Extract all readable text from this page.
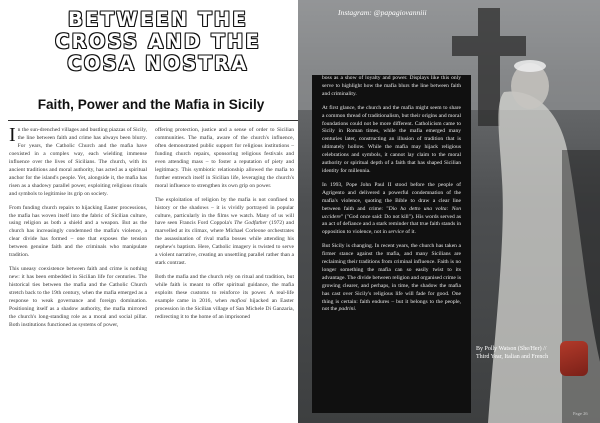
BETWEEN THE
CROSS AND THE
COSA NOSTRA
Faith, Power and the Mafia in Sicily

In the sun-drenched villages and bustling piazzas of Sicily, the line between faith and crime has always been blurry. For years, the Catholic Church and the mafia have coexisted in a complex way, each wielding immense influence over the lives of Sicilians. The church, with its ancient traditions and moral authority, has acted as a spiritual anchor for the island's people. Yet, alongside it, the mafia has risen as a shadowy parallel power, exploiting religious rituals and symbols to legitimise its grip on society.

From funding church repairs to hijacking Easter processions, the mafia has woven itself into the fabric of Sicilian culture, using religion as both a shield and a weapon. But as the church has increasingly condemned the mafia's violence, a clear divide has formed – one that exposes the tension between genuine faith and the criminals who manipulate tradition.

This uneasy coexistence between faith and crime is nothing new: it has been embedded in Sicilian life for centuries. The historical ties between the mafia and the Catholic Church stretch back to the 19th century, when the mafia emerged as a response to weak governance and foreign domination. Positioning itself as a shadow authority, the mafia mirrored the church's long-standing role as a moral and social pillar. Both institutions functioned as systems of power,

offering protection, justice and a sense of order to Sicilian communities. The mafia, aware of the church's influence, often demonstrated public support for religious institutions – funding church repairs, sponsoring religious festivals and even attending mass – to foster a reputation of piety and legitimacy. This symbiotic relationship allowed the mafia to further entrench itself in Sicilian life, leveraging the church's moral influence to strengthen its own grip on power.

The exploitation of religion by the mafia is not confined to history or the shadows – it is vividly portrayed in popular culture, particularly in the films we watch. Many of us will have seen Francis Ford Coppola's The Godfather (1972) and marvelled at its climax, where Michael Corleone orchestrates the assassination of rival mafia bosses while attending his nephew's baptism. Here, Catholic imagery is twisted to serve a violent narrative, creating an unsettling parallel rather than a stark contrast.

Both the mafia and the church rely on ritual and tradition, but while faith is meant to offer spiritual guidance, the mafia exploits these customs to reinforce its power. A real-life example came in 2016, when mafiosi hijacked an Easter procession in the Sicilian village of San Michele Di Ganzaria, redirecting it to the home of an imprisoned

Instagram: @papagiovanniii

boss as a show of loyalty and power. Displays like this only serve to highlight how the mafia blurs the line between faith and criminality.

At first glance, the church and the mafia might seem to share a common thread of traditionalism, but their origins and moral foundations could not be more different. Catholicism came to Sicily in Roman times, while the mafia emerged many centuries later, constructing an illusion of tradition that is ultimately hollow. While the mafia may hijack religious celebrations and symbols, it cannot lay claim to the moral authority or spiritual depth of a faith that has shaped Sicilian identity for millennia.

In 1993, Pope John Paul II stood before the people of Agrigento and delivered a powerful condemnation of the mafia's violence, quoting the Bible to draw a clear line between faith and crime: "Dio ha detto una volta: Non uccidere" ("God once said: Do not kill"). His words served as an act of defiance and a stark reminder that true faith stands in opposition to violence, not in service of it.

But Sicily is changing. In recent years, the church has taken a firmer stance against the mafia, and many Sicilians are reclaiming their traditions from criminal influence. Faith is no longer something the mafia can so easily twist to its advantage. The divide between religion and organised crime is growing clearer, and perhaps, in time, the shadow the mafia has cast over Sicily's religious life will fade for good. One thing is certain: faith endures – but it belongs to the people, not the padrini.

By Polly Watson (She/Her) //
Third Year, Italian and French
Page 26
